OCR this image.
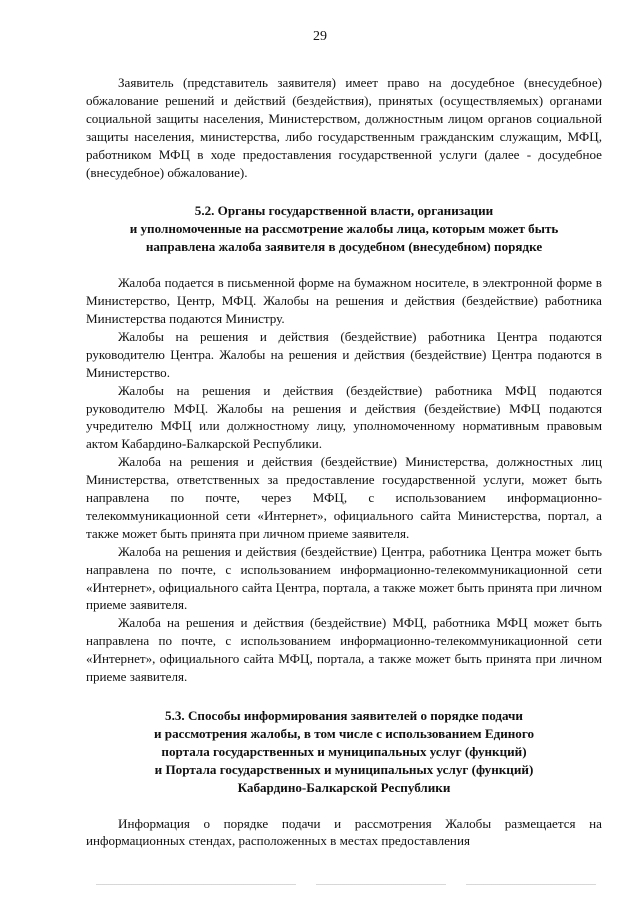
29

Заявитель (представитель заявителя) имеет право на досудебное (внесудебное) обжалование решений и действий (бездействия), принятых (осуществляемых) органами социальной защиты населения, Министерством, должностным лицом органов социальной защиты населения, министерства, либо государственным гражданским служащим, МФЦ, работником МФЦ в ходе предоставления государственной услуги (далее - досудебное (внесудебное) обжалование).

5.2. Органы государственной власти, организации
и уполномоченные на рассмотрение жалобы лица, которым может быть
направлена жалоба заявителя в досудебном (внесудебном) порядке

Жалоба подается в письменной форме на бумажном носителе, в электронной форме в Министерство, Центр, МФЦ. Жалобы на решения и действия (бездействие) работника Министерства подаются Министру.

Жалобы на решения и действия (бездействие) работника Центра подаются руководителю Центра. Жалобы на решения и действия (бездействие) Центра подаются в Министерство.

Жалобы на решения и действия (бездействие) работника МФЦ подаются руководителю МФЦ. Жалобы на решения и действия (бездействие) МФЦ подаются учредителю МФЦ или должностному лицу, уполномоченному нормативным правовым актом Кабардино-Балкарской Республики.

Жалоба на решения и действия (бездействие) Министерства, должностных лиц Министерства, ответственных за предоставление государственной услуги, может быть направлена по почте, через МФЦ, с использованием информационно-телекоммуникационной сети «Интернет», официального сайта Министерства, портал, а также может быть принята при личном приеме заявителя.

Жалоба на решения и действия (бездействие) Центра, работника Центра может быть направлена по почте, с использованием информационно-телекоммуникационной сети «Интернет», официального сайта Центра, портала, а также может быть принята при личном приеме заявителя.

Жалоба на решения и действия (бездействие) МФЦ, работника МФЦ может быть направлена по почте, с использованием информационно-телекоммуникационной сети «Интернет», официального сайта МФЦ, портала, а также может быть принята при личном приеме заявителя.

5.3. Способы информирования заявителей о порядке подачи
и рассмотрения жалобы, в том числе с использованием Единого
портала государственных и муниципальных услуг (функций)
и Портала государственных и муниципальных услуг (функций)
Кабардино-Балкарской Республики

Информация о порядке подачи и рассмотрения Жалобы размещается на информационных стендах, расположенных в местах предоставления
